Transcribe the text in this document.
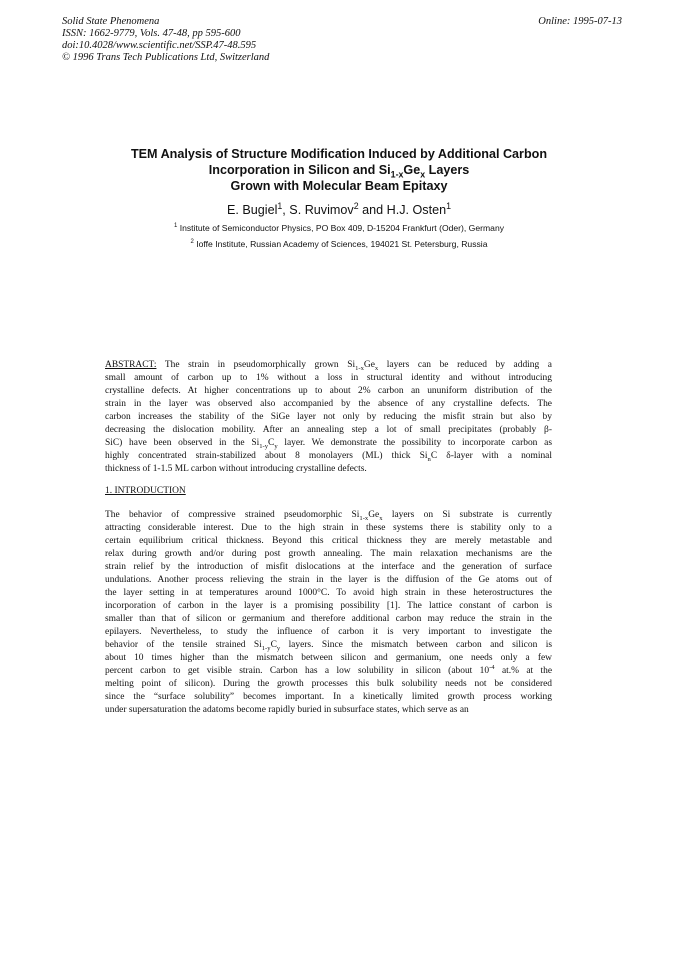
Solid State Phenomena
ISSN: 1662-9779, Vols. 47-48, pp 595-600
doi:10.4028/www.scientific.net/SSP.47-48.595
© 1996 Trans Tech Publications Ltd, Switzerland
Online: 1995-07-13
TEM Analysis of Structure Modification Induced by Additional Carbon
Incorporation in Silicon and $Si_{1-x}Ge_x$ Layers
Grown with Molecular Beam Epitaxy
E. Bugiel$^1$, S. Ruvimov$^2$ and H.J. Osten$^1$
$^1$ Institute of Semiconductor Physics, PO Box 409, D-15204 Frankfurt (Oder), Germany
$^2$ Ioffe Institute, Russian Academy of Sciences, 194021 St. Petersburg, Russia
ABSTRACT: The strain in pseudomorphically grown $Si_{1-x}Ge_x$ layers can be reduced by adding a
small amount of carbon up to 1% without a loss in structural identity and without introducing
crystalline defects. At higher concentrations up to about 2% carbon an ununiform distribution of the
strain in the layer was observed also accompanied by the absence of any crystalline defects. The
carbon increases the stability of the SiGe layer not only by reducing the misfit strain but also by
decreasing the dislocation mobility. After an annealing step a lot of small precipitates (probably β-
SiC) have been observed in the $Si_{1-y}C_y$ layer. We demonstrate the possibility to incorporate carbon as
highly concentrated strain-stabilized about 8 monolayers (ML) thick $Si_nC$ δ-layer with a nominal
thickness of 1-1.5 ML carbon without introducing crystalline defects.
1. INTRODUCTION
The behavior of compressive strained pseudomorphic $Si_{1-x}Ge_x$ layers on Si substrate is currently
attracting considerable interest. Due to the high strain in these systems there is stability only to a
certain equilibrium critical thickness. Beyond this critical thickness they are merely metastable and
relax during growth and/or during post growth annealing. The main relaxation mechanisms are the
strain relief by the introduction of misfit dislocations at the interface and the generation of surface
undulations. Another process relieving the strain in the layer is the diffusion of the Ge atoms out of
the layer setting in at temperatures around 1000°C. To avoid high strain in these heterostructures the
incorporation of carbon in the layer is a promising possibility [1]. The lattice constant of carbon is
smaller than that of silicon or germanium and therefore additional carbon may reduce the strain in the
epilayers. Nevertheless, to study the influence of carbon it is very important to investigate the
behavior of the tensile strained $Si_{1-y}C_y$ layers. Since the mismatch between carbon and silicon is
about 10 times higher than the mismatch between silicon and germanium, one needs only a few
percent carbon to get visible strain. Carbon has a low solubility in silicon (about $10^{-4}$ at.% at the
melting point of silicon). During the growth processes this bulk solubility needs not be considered
since the “surface solubility” becomes important. In a kinetically limited growth process working
under supersaturation the adatoms become rapidly buried in subsurface states, which serve as an
